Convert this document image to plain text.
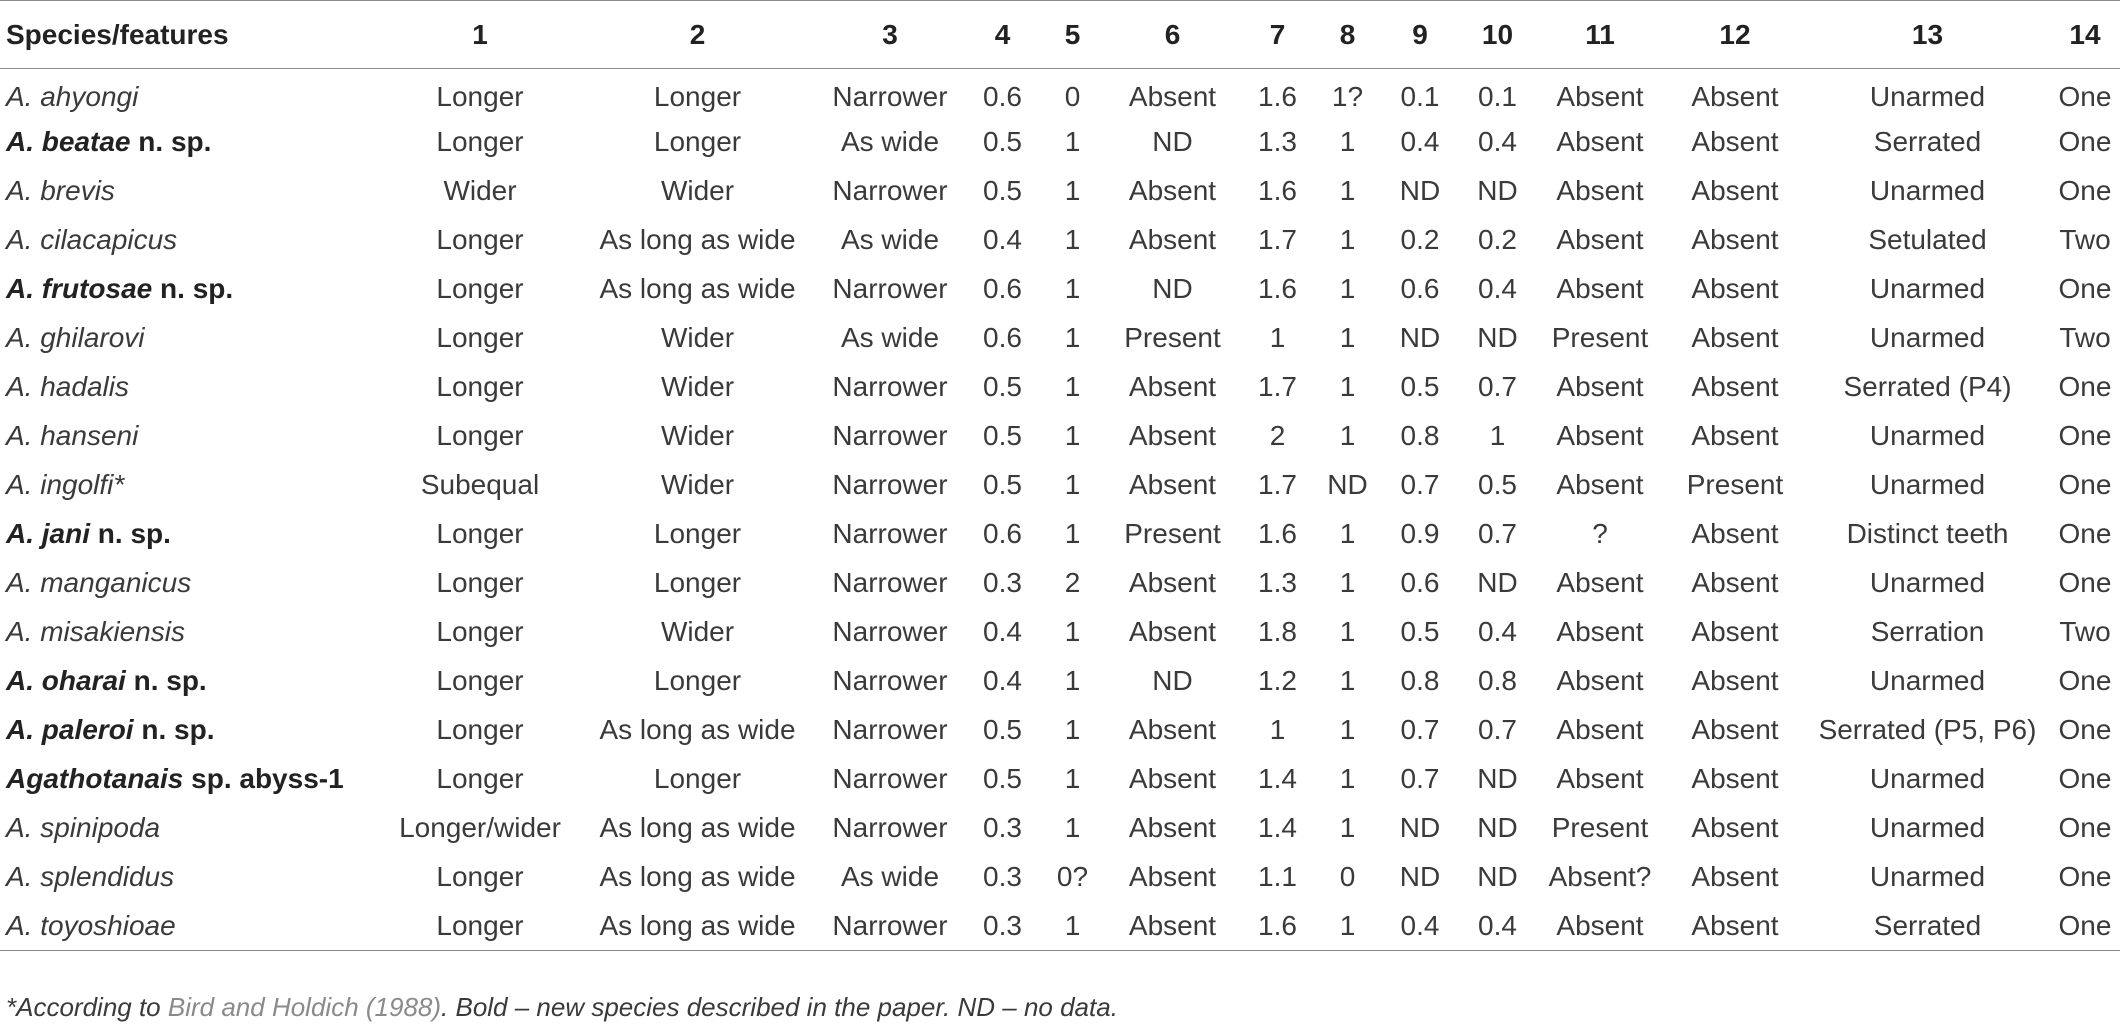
Species/features	1	2	3	4	5	6	7	8	9	10	11	12	13	14
A. ahyongi	Longer	Longer	Narrower	0.6	0	Absent	1.6	1?	0.1	0.1	Absent	Absent	Unarmed	One
A. beatae n. sp.	Longer	Longer	As wide	0.5	1	ND	1.3	1	0.4	0.4	Absent	Absent	Serrated	One
A. brevis	Wider	Wider	Narrower	0.5	1	Absent	1.6	1	ND	ND	Absent	Absent	Unarmed	One
A. cilacapicus	Longer	As long as wide	As wide	0.4	1	Absent	1.7	1	0.2	0.2	Absent	Absent	Setulated	Two
A. frutosae n. sp.	Longer	As long as wide	Narrower	0.6	1	ND	1.6	1	0.6	0.4	Absent	Absent	Unarmed	One
A. ghilarovi	Longer	Wider	As wide	0.6	1	Present	1	1	ND	ND	Present	Absent	Unarmed	Two
A. hadalis	Longer	Wider	Narrower	0.5	1	Absent	1.7	1	0.5	0.7	Absent	Absent	Serrated (P4)	One
A. hanseni	Longer	Wider	Narrower	0.5	1	Absent	2	1	0.8	1	Absent	Absent	Unarmed	One
A. ingolfi*	Subequal	Wider	Narrower	0.5	1	Absent	1.7	ND	0.7	0.5	Absent	Present	Unarmed	One
A. jani n. sp.	Longer	Longer	Narrower	0.6	1	Present	1.6	1	0.9	0.7	?	Absent	Distinct teeth	One
A. manganicus	Longer	Longer	Narrower	0.3	2	Absent	1.3	1	0.6	ND	Absent	Absent	Unarmed	One
A. misakiensis	Longer	Wider	Narrower	0.4	1	Absent	1.8	1	0.5	0.4	Absent	Absent	Serration	Two
A. oharai n. sp.	Longer	Longer	Narrower	0.4	1	ND	1.2	1	0.8	0.8	Absent	Absent	Unarmed	One
A. paleroi n. sp.	Longer	As long as wide	Narrower	0.5	1	Absent	1	1	0.7	0.7	Absent	Absent	Serrated (P5, P6)	One
Agathotanais sp. abyss-1	Longer	Longer	Narrower	0.5	1	Absent	1.4	1	0.7	ND	Absent	Absent	Unarmed	One
A. spinipoda	Longer/wider	As long as wide	Narrower	0.3	1	Absent	1.4	1	ND	ND	Present	Absent	Unarmed	One
A. splendidus	Longer	As long as wide	As wide	0.3	0?	Absent	1.1	0	ND	ND	Absent?	Absent	Unarmed	One
A. toyoshioae	Longer	As long as wide	Narrower	0.3	1	Absent	1.6	1	0.4	0.4	Absent	Absent	Serrated	One
*According to Bird and Holdich (1988). Bold – new species described in the paper. ND – no data.
